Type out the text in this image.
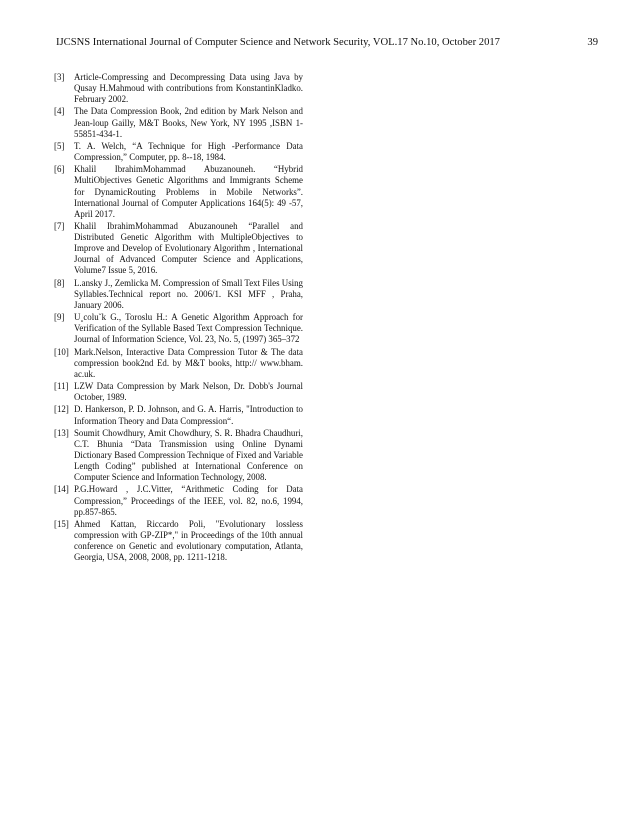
IJCSNS International Journal of Computer Science and Network Security, VOL.17 No.10, October 2017	39
[3] Article-Compressing and Decompressing Data using Java by Qusay H.Mahmoud with contributions from KonstantinKladko. February 2002.
[4] The Data Compression Book, 2nd edition by Mark Nelson and Jean-loup Gailly, M&T Books, New York, NY 1995 ,ISBN 1-55851-434-1.
[5] T. A. Welch, “A Technique for High -Performance Data Compression,” Computer, pp. 8--18, 1984.
[6] Khalil IbrahimMohammad Abuzanouneh. “Hybrid MultiObjectives Genetic Algorithms and Immigrants Scheme for DynamicRouting Problems in Mobile Networks”. International Journal of Computer Applications 164(5): 49 -57, April 2017.
[7] Khalil IbrahimMohammad Abuzanouneh “Parallel and Distributed Genetic Algorithm with MultipleObjectives to Improve and Develop of Evolutionary Algorithm , International Journal of Advanced Computer Science and Applications, Volume7 Issue 5, 2016.
[8] L.ansky J., Zemlicka M. Compression of Small Text Files Using Syllables.Technical report no. 2006/1. KSI MFF , Praha, January 2006.
[9] U¸colu˘k G., Toroslu H.: A Genetic Algorithm Approach for Verification of the Syllable Based Text Compression Technique. Journal of Information Science, Vol. 23, No. 5, (1997) 365–372
[10] Mark.Nelson, Interactive Data Compression Tutor & The data compression book2nd Ed. by M&T books, http:// www.bham. ac.uk.
[11] LZW Data Compression by Mark Nelson, Dr. Dobb's Journal October, 1989.
[12] D. Hankerson, P. D. Johnson, and G. A. Harris, "Introduction to Information Theory and Data Compression“.
[13] Soumit Chowdhury, Amit Chowdhury, S. R. Bhadra Chaudhuri, C.T. Bhunia “Data Transmission using Online Dynami Dictionary Based Compression Technique of Fixed and Variable Length Coding” published at International Conference on Computer Science and Information Technology, 2008.
[14] P.G.Howard , J.C.Vitter, “Arithmetic Coding for Data Compression,” Proceedings of the IEEE, vol. 82, no.6, 1994, pp.857-865.
[15] Ahmed Kattan, Riccardo Poli, "Evolutionary lossless compression with GP-ZIP*," in Proceedings of the 10th annual conference on Genetic and evolutionary computation, Atlanta, Georgia, USA, 2008, 2008, pp. 1211-1218.
